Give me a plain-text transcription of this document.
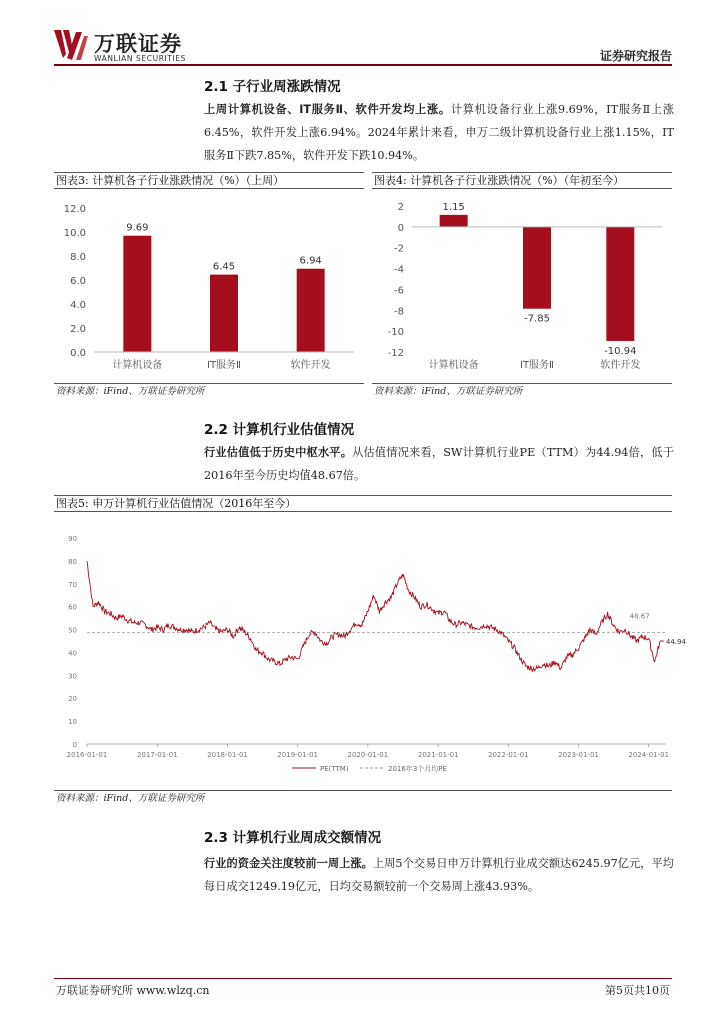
万联证券
WANLIAN SECURITIES	证券研究报告
2.1 子行业周涨跌情况
上周计算机设备、IT服务Ⅱ、软件开发均上涨。计算机设备行业上涨9.69%，IT服务Ⅱ上涨6.45%，软件开发上涨6.94%。2024年累计来看，申万二级计算机设备行业上涨1.15%，IT服务Ⅱ下跌7.85%，软件开发下跌10.94%。
图表3: 计算机各子行业涨跌情况（%）（上周）
0.0
2.0
4.0
6.0
8.0
10.0
12.0
9.69
计算机设备
6.45
IT服务Ⅱ
6.94
软件开发
资料来源：iFind、万联证券研究所
图表4: 计算机各子行业涨跌情况（%）（年初至今）
-12
-10
-8
-6
-4
-2
0
2	1.15
计算机设备
-7.85
IT服务Ⅱ
-10.94
软件开发
资料来源：iFind、万联证券研究所
2.2 计算机行业估值情况
行业估值低于历史中枢水平。从估值情况来看，SW计算机行业PE（TTM）为44.94倍，低于2016年至今历史均值48.67倍。
图表5: 申万计算机行业估值情况（2016年至今）
0
10
20
30
40
50
60
70
80
90
2016-01-01	2017-01-01	2018-01-01	2019-01-01	2020-01-01	2021-01-01	2022-01-01	2023-01-01	2024-01-01
48.67
44.94
PE(TTM)	2016年3个月均PE
资料来源：iFind、万联证券研究所
2.3 计算机行业周成交额情况
行业的资金关注度较前一周上涨。上周5个交易日申万计算机行业成交额达6245.97亿元，平均每日成交1249.19亿元，日均交易额较前一个交易周上涨43.93%。
万联证券研究所 www.wlzq.cn	第5页共10页
